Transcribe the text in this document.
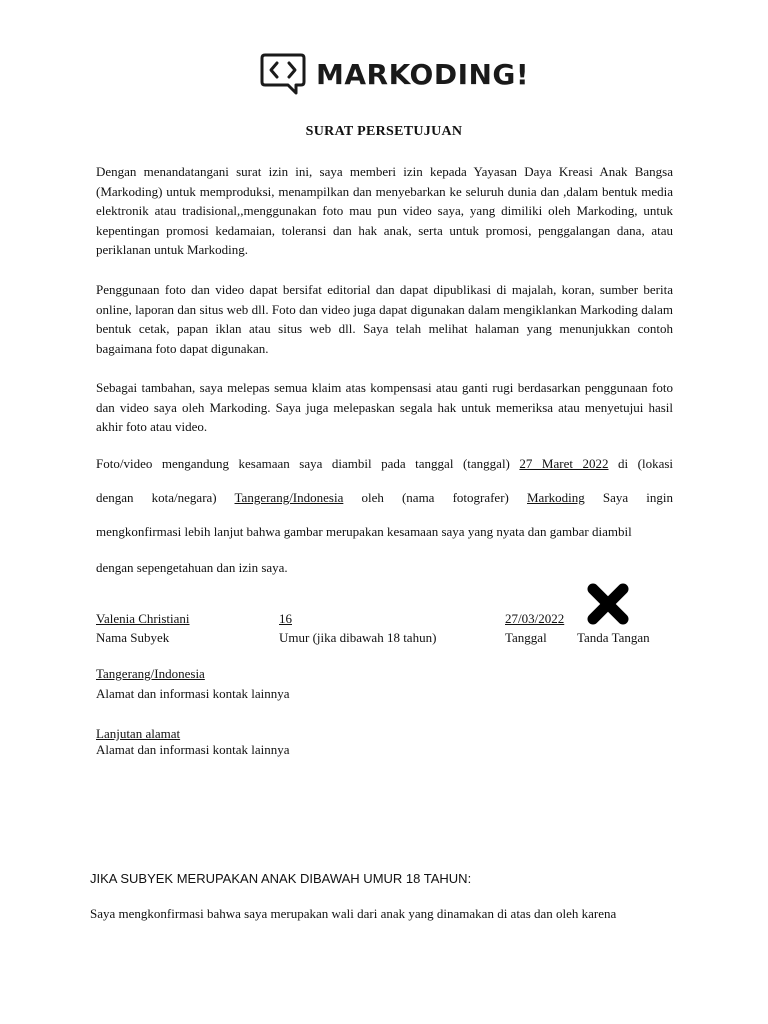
MARKODING!
SURAT PERSETUJUAN
Dengan menandatangani surat izin ini, saya memberi izin kepada Yayasan Daya Kreasi Anak Bangsa (Markoding) untuk memproduksi, menampilkan dan menyebarkan ke seluruh dunia dan ,dalam bentuk media elektronik atau tradisional,,menggunakan foto mau pun video saya, yang dimiliki oleh Markoding, untuk kepentingan promosi kedamaian, toleransi dan hak anak, serta untuk promosi, penggalangan dana, atau periklanan untuk Markoding.
Penggunaan foto dan video dapat bersifat editorial dan dapat dipublikasi di majalah, koran, sumber berita online, laporan dan situs web dll. Foto dan video juga dapat digunakan dalam mengiklankan Markoding dalam bentuk cetak, papan iklan atau situs web dll. Saya telah melihat halaman yang menunjukkan contoh bagaimana foto dapat digunakan.
Sebagai tambahan, saya melepas semua klaim atas kompensasi atau ganti rugi berdasarkan penggunaan foto dan video saya oleh Markoding. Saya juga melepaskan segala hak untuk memeriksa atau menyetujui hasil akhir foto atau video.
Foto/video mengandung kesamaan saya diambil pada tanggal (tanggal) 27 Maret 2022 di (lokasi
dengan kota/negara) Tangerang/Indonesia oleh (nama fotografer) Markoding Saya ingin
mengkonfirmasi lebih lanjut bahwa gambar merupakan kesamaan saya yang nyata dan gambar diambil
dengan sepengetahuan dan izin saya.
Valenia Christiani
Nama Subyek
16
Umur (jika dibawah 18 tahun)
27/03/2022
Tanggal Tanda Tangan
Tangerang/Indonesia
Alamat dan informasi kontak lainnya
Lanjutan alamat
Alamat dan informasi kontak lainnya
JIKA SUBYEK MERUPAKAN ANAK DIBAWAH UMUR 18 TAHUN:
Saya mengkonfirmasi bahwa saya merupakan wali dari anak yang dinamakan di atas dan oleh karena
